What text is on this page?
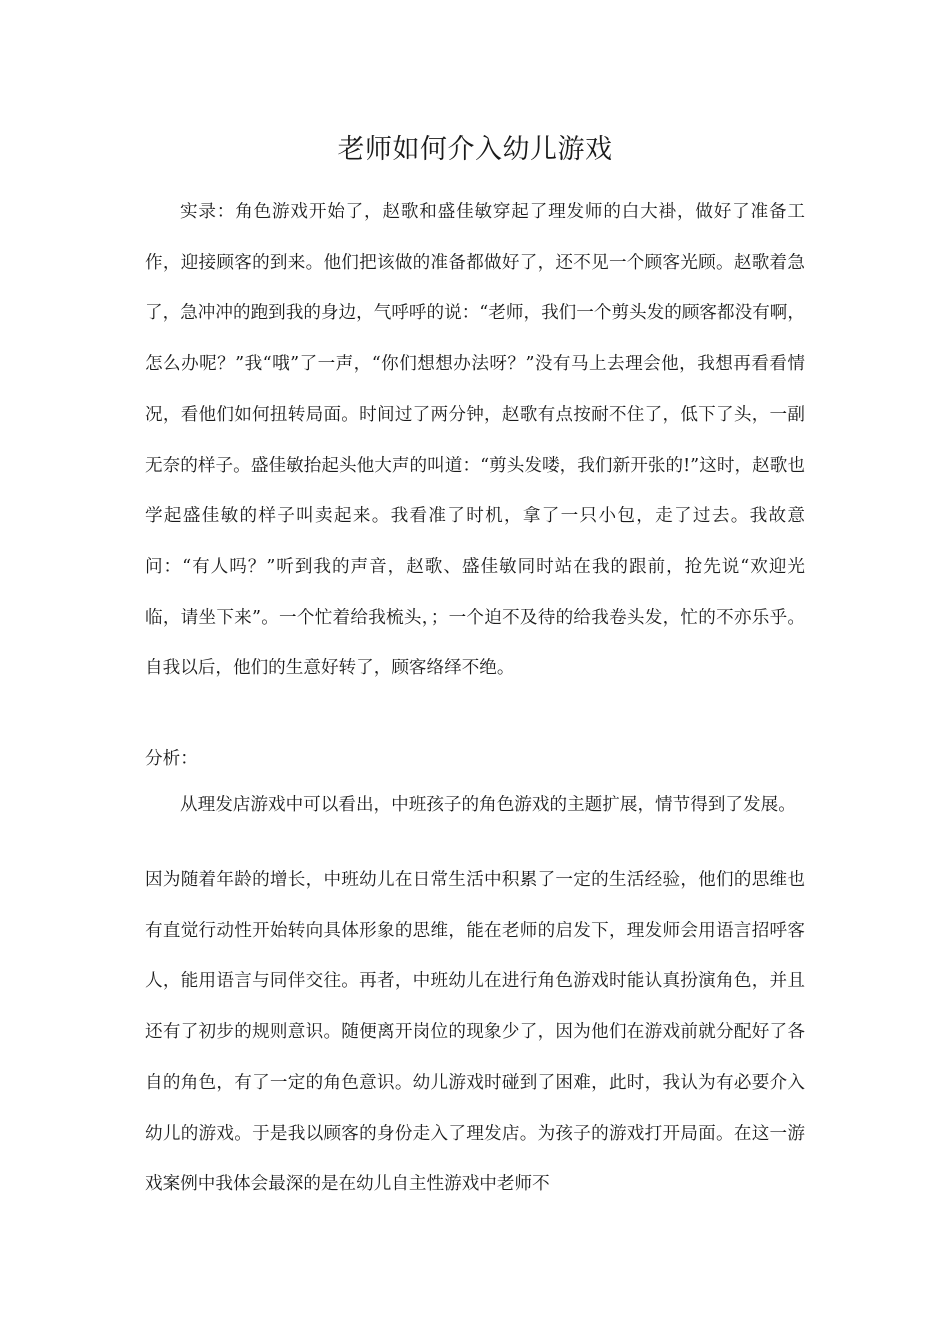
老师如何介入幼儿游戏

实录：角色游戏开始了，赵歌和盛佳敏穿起了理发师的白大褂，做好了准备工作，迎接顾客的到来。他们把该做的准备都做好了，还不见一个顾客光顾。赵歌着急了，急冲冲的跑到我的身边，气呼呼的说：“老师，我们一个剪头发的顾客都没有啊，怎么办呢？”我“哦”了一声，“你们想想办法呀？”没有马上去理会他，我想再看看情况，看他们如何扭转局面。时间过了两分钟，赵歌有点按耐不住了，低下了头，一副无奈的样子。盛佳敏抬起头他大声的叫道：“剪头发喽，我们新开张的!”这时，赵歌也学起盛佳敏的样子叫卖起来。我看准了时机，拿了一只小包，走了过去。我故意问：“有人吗？”听到我的声音，赵歌、盛佳敏同时站在我的跟前，抢先说“欢迎光临，请坐下来”。一个忙着给我梳头，；一个迫不及待的给我卷头发，忙的不亦乐乎。自我以后，他们的生意好转了，顾客络绎不绝。

分析：

从理发店游戏中可以看出，中班孩子的角色游戏的主题扩展，情节得到了发展。

因为随着年龄的增长，中班幼儿在日常生活中积累了一定的生活经验，他们的思维也有直觉行动性开始转向具体形象的思维，能在老师的启发下，理发师会用语言招呼客人，能用语言与同伴交往。再者，中班幼儿在进行角色游戏时能认真扮演角色，并且还有了初步的规则意识。随便离开岗位的现象少了，因为他们在游戏前就分配好了各自的角色，有了一定的角色意识。幼儿游戏时碰到了困难，此时，我认为有必要介入幼儿的游戏。于是我以顾客的身份走入了理发店。为孩子的游戏打开局面。在这一游戏案例中我体会最深的是在幼儿自主性游戏中老师不
